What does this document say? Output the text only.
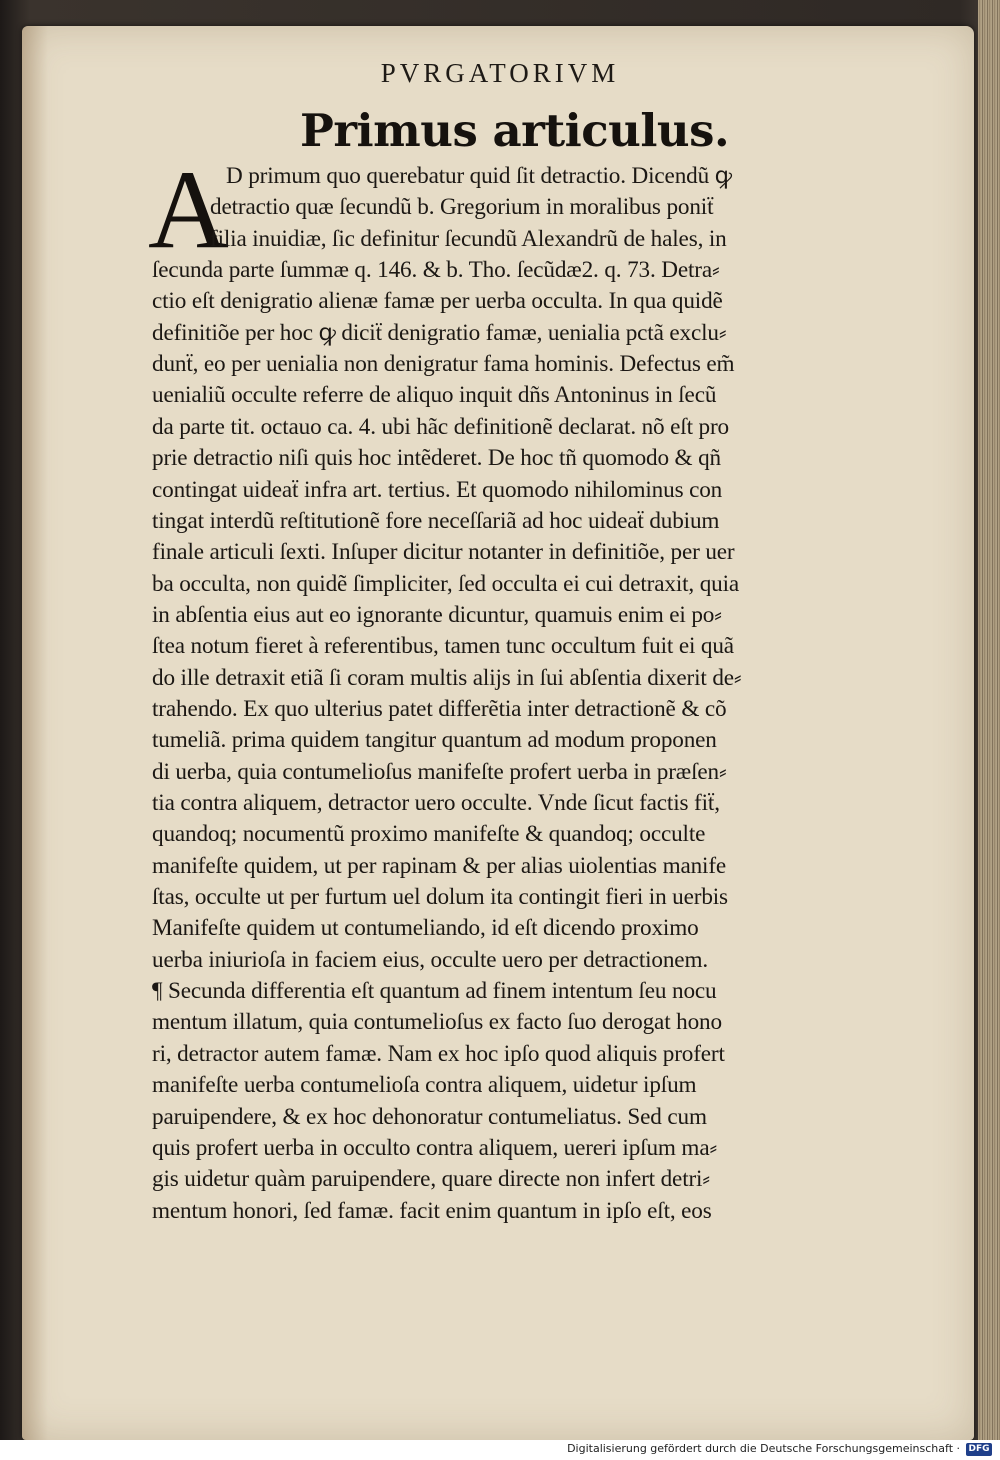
PVRGATORIVM
Primus articulus.
A
D primum quo querebatur quid ſit detractio. Dicendũ ꝙ
detractio quæ ſecundũ b. Gregorium in moralibus poniẗ
filia inuidiæ, ſic definitur ſecundũ Alexandrũ de hales, in
ſecunda parte ſummæ q. 146. & b. Tho. ſecũdæ2. q. 73. Detra⸗
ctio eſt denigratio alienæ famæ per uerba occulta. In qua quidẽ
definitiõe per hoc ꝙ diciẗ denigratio famæ, uenialia pctã exclu⸗
dunẗ, eo per uenialia non denigratur fama hominis. Defectus em̃
uenialiũ occulte referre de aliquo inquit dñs Antoninus in ſecũ
da parte tit. octauo ca. 4. ubi hãc definitionẽ declarat. nõ eſt pro
prie detractio niſi quis hoc intẽderet. De hoc tñ quomodo & qñ
contingat uideaẗ infra art. tertius. Et quomodo nihilominus con
tingat interdũ reſtitutionẽ fore neceſſariã ad hoc uideaẗ dubium
finale articuli ſexti. Inſuper dicitur notanter in definitiõe, per uer
ba occulta, non quidẽ ſimpliciter, ſed occulta ei cui detraxit, quia
in abſentia eius aut eo ignorante dicuntur, quamuis enim ei po⸗
ſtea notum fieret à referentibus, tamen tunc occultum fuit ei quã
do ille detraxit etiã ſi coram multis alijs in ſui abſentia dixerit de⸗
trahendo. Ex quo ulterius patet differẽtia inter detractionẽ & cõ
tumeliã. prima quidem tangitur quantum ad modum proponen
di uerba, quia contumelioſus manifeſte profert uerba in præſen⸗
tia contra aliquem, detractor uero occulte. Vnde ſicut factis fiẗ,
quandoq; nocumentũ proximo manifeſte & quandoq; occulte
manifeſte quidem, ut per rapinam & per alias uiolentias manife
ſtas, occulte ut per furtum uel dolum ita contingit fieri in uerbis
Manifeſte quidem ut contumeliando, id eſt dicendo proximo
uerba iniurioſa in faciem eius, occulte uero per detractionem.
¶ Secunda differentia eſt quantum ad finem intentum ſeu nocu
mentum illatum, quia contumelioſus ex facto ſuo derogat hono
ri, detractor autem famæ. Nam ex hoc ipſo quod aliquis profert
manifeſte uerba contumelioſa contra aliquem, uidetur ipſum
paruipendere, & ex hoc dehonoratur contumeliatus. Sed cum
quis profert uerba in occulto contra aliquem, uereri ipſum ma⸗
gis uidetur quàm paruipendere, quare directe non infert detri⸗
mentum honori, ſed famæ. facit enim quantum in ipſo eſt, eos
Digitalisierung gefördert durch die Deutsche Forschungsgemeinschaft · DFG
